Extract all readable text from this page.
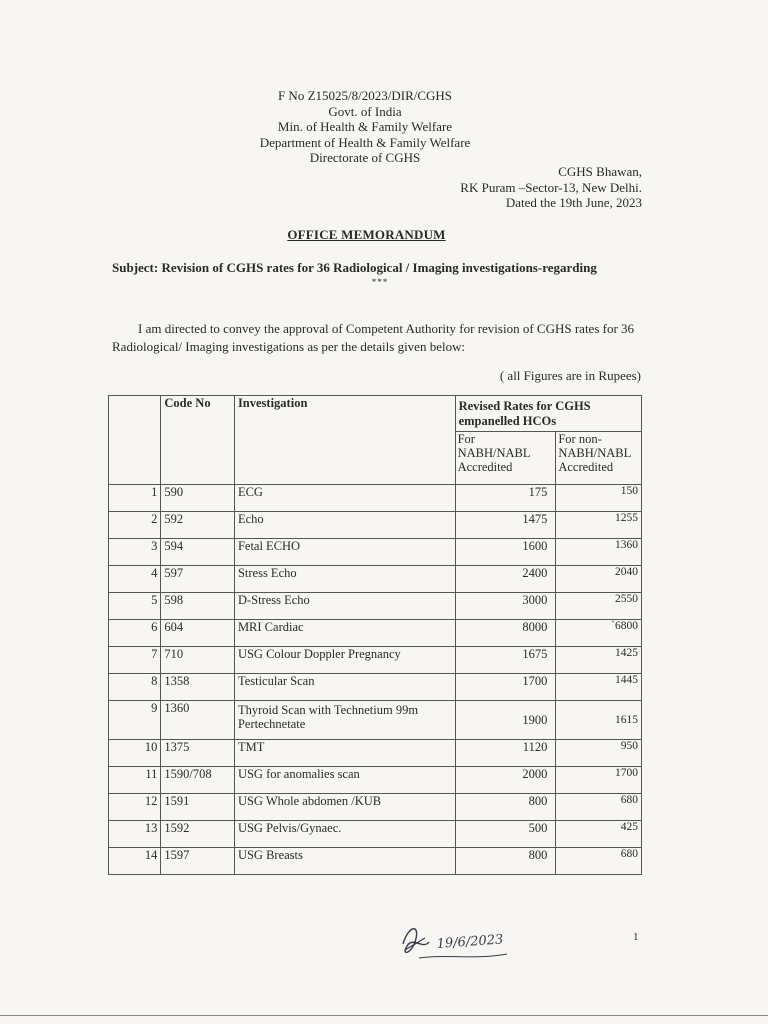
F No Z15025/8/2023/DIR/CGHS
Govt. of India
Min. of Health & Family Welfare
Department of Health & Family Welfare
Directorate of CGHS
CGHS Bhawan,
RK Puram –Sector-13, New Delhi.
Dated the 19th June, 2023
OFFICE MEMORANDUM
Subject: Revision of CGHS rates for 36 Radiological / Imaging investigations-regarding
***
I am directed to convey the approval of Competent Authority for revision of CGHS rates for 36 Radiological/ Imaging investigations as per the details given below:
( all Figures are in Rupees)
	Code No	Investigation	Revised Rates for CGHS empanelled HCOs	
			For NABH/NABL Accredited	For non-NABH/NABL Accredited
1	590	ECG	175	150
2	592	Echo	1475	1255
3	594	Fetal ECHO	1600	1360
4	597	Stress Echo	2400	2040
5	598	D-Stress Echo	3000	2550
6	604	MRI Cardiac	8000	`6800
7	710	USG Colour Doppler Pregnancy	1675	1425
8	1358	Testicular Scan	1700	1445
9	1360	Thyroid Scan with Technetium 99m Pertechnetate	1900	1615
10	1375	TMT	1120	950
11	1590/708	USG for anomalies scan	2000	1700
12	1591	USG Whole abdomen /KUB	800	680
13	1592	USG Pelvis/Gynaec.	500	425
14	1597	USG Breasts	800	680
1
19/6/2023
